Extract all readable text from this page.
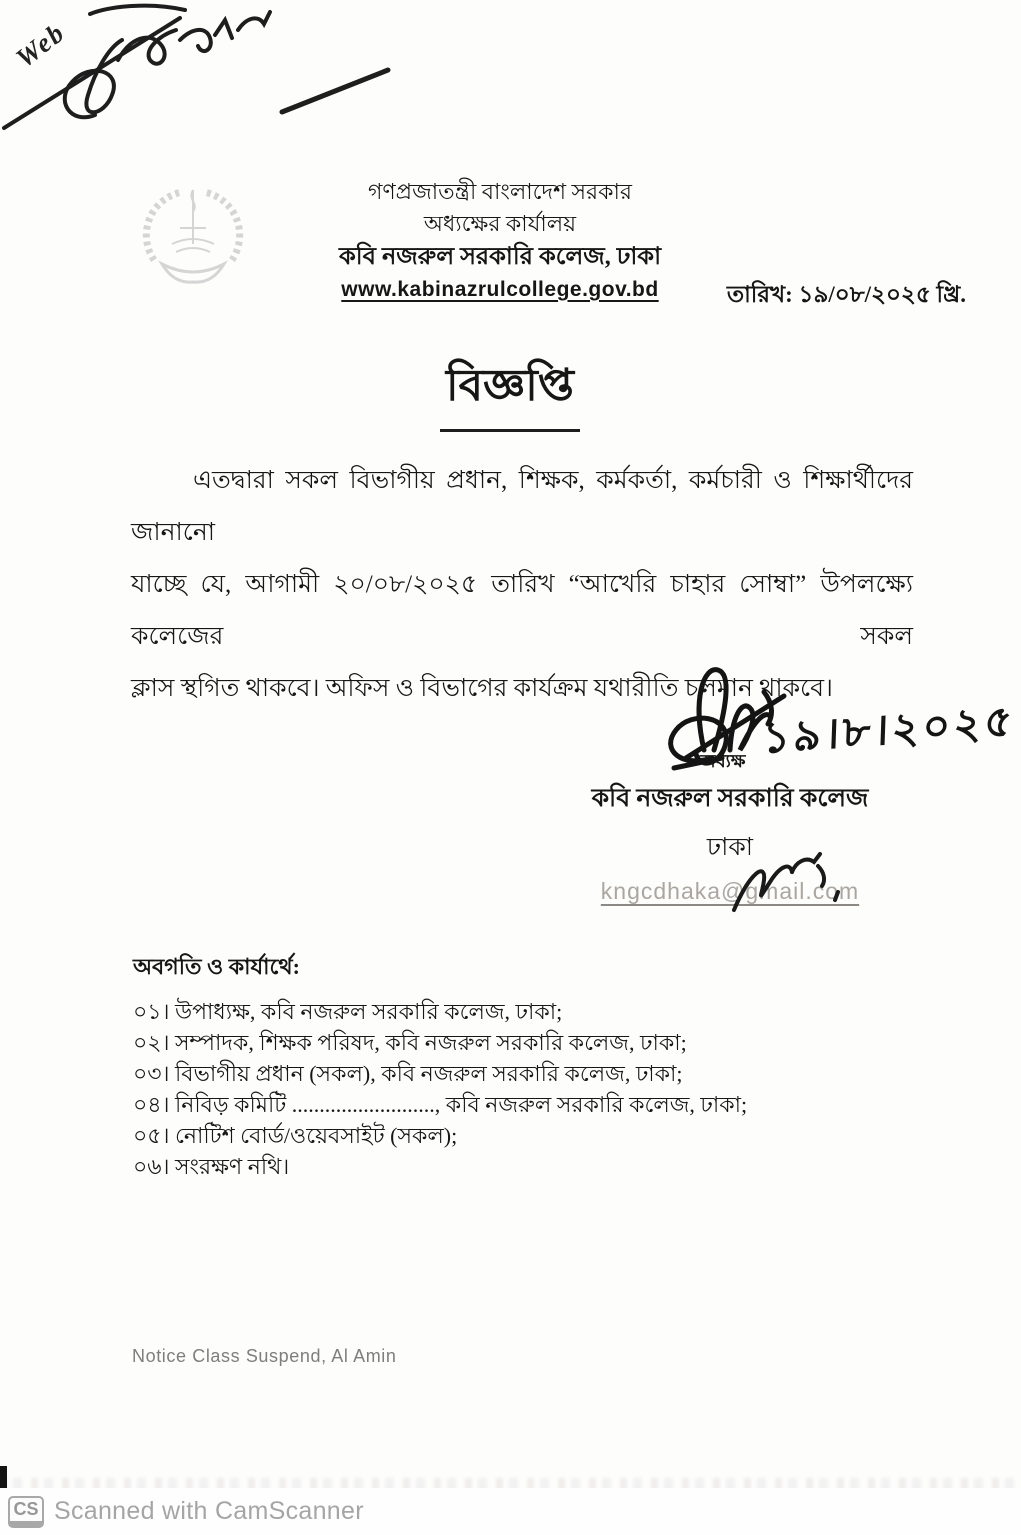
Web
গণপ্রজাতন্ত্রী বাংলাদেশ সরকার
অধ্যক্ষের কার্যালয়
কবি নজরুল সরকারি কলেজ, ঢাকা
www.kabinazrulcollege.gov.bd	তারিখ: ১৯/০৮/২০২৫ খ্রি.
বিজ্ঞপ্তি
এতদ্বারা সকল বিভাগীয় প্রধান, শিক্ষক, কর্মকর্তা, কর্মচারী ও শিক্ষার্থীদের জানানো
যাচ্ছে যে, আগামী ২০/০৮/২০২৫ তারিখ “আখেরি চাহার সোম্বা” উপলক্ষ্যে কলেজের সকল
ক্লাস স্থগিত থাকবে। অফিস ও বিভাগের কার্যক্রম যথারীতি চলমান থাকবে।
১৯।৮।২০২৫
অধ্যক্ষ
কবি নজরুল সরকারি কলেজ
ঢাকা
kngcdhaka@gmail.com
অবগতি ও কার্যার্থে:
০১। উপাধ্যক্ষ, কবি নজরুল সরকারি কলেজ, ঢাকা;
০২। সম্পাদক, শিক্ষক পরিষদ, কবি নজরুল সরকারি কলেজ, ঢাকা;
০৩। বিভাগীয় প্রধান (সকল), কবি নজরুল সরকারি কলেজ, ঢাকা;
০৪। নিবিড় কমিটি .........................., কবি নজরুল সরকারি কলেজ, ঢাকা;
০৫। নোটিশ বোর্ড/ওয়েবসাইট (সকল);
০৬। সংরক্ষণ নথি।
Notice Class Suspend, Al Amin
CS Scanned with CamScanner
